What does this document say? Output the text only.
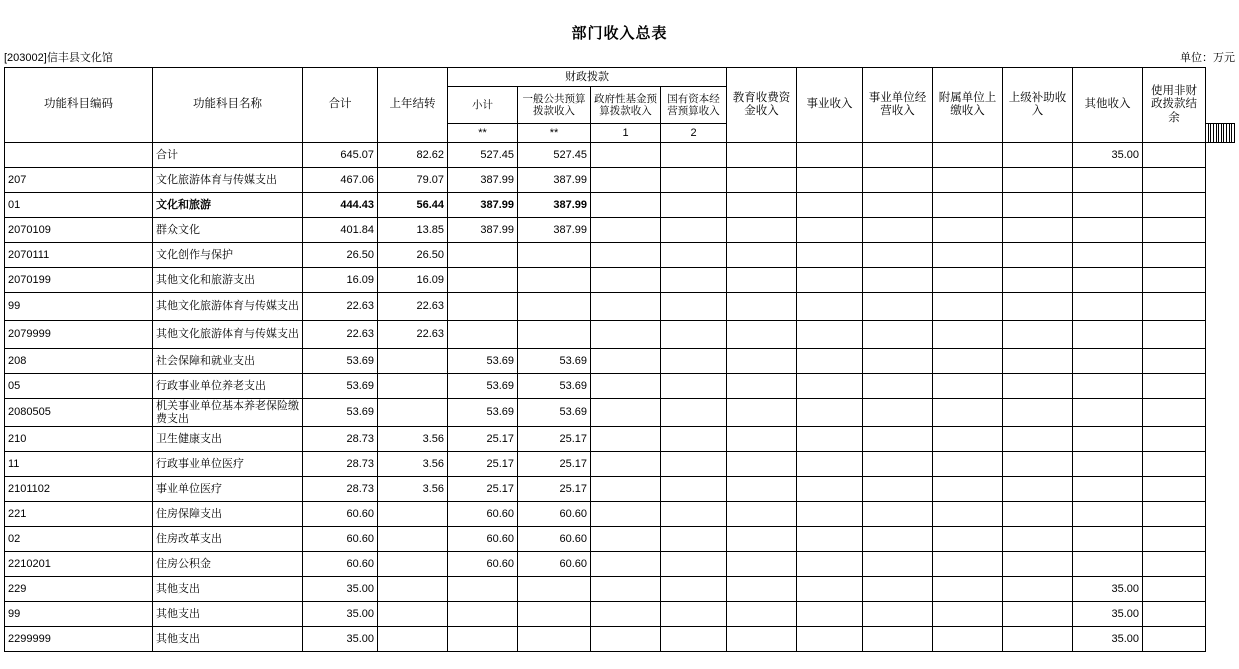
部门收入总表
[203002]信丰县文化馆	单位：万元
功能科目编码	功能科目名称	合计	上年结转	财政拨款				教育收费资金收入	事业收入	事业单位经营收入	附属单位上缴收入	上级补助收入	其他收入	使用非财政拨款结余											
				小计	一般公共预算拨款收入	政府性基金预算拨款收入	国有资本经营预算收入																		
				**	**	1	2											
	合计	645.07	82.62	527.45	527.45								35.00												
207	文化旅游体育与传媒支出	467.06	79.07	387.99	387.99																				
01	文化和旅游	444.43	56.44	387.99	387.99																				
2070109	群众文化	401.84	13.85	387.99	387.99																				
2070111	文化创作与保护	26.50	26.50																						
2070199	其他文化和旅游支出	16.09	16.09																						
99	其他文化旅游体育与传媒支出	22.63	22.63																						
2079999	其他文化旅游体育与传媒支出	22.63	22.63																						
208	社会保障和就业支出	53.69		53.69	53.69																				
05	行政事业单位养老支出	53.69		53.69	53.69																				
2080505	机关事业单位基本养老保险缴费支出	53.69		53.69	53.69																				
210	卫生健康支出	28.73	3.56	25.17	25.17																				
11	行政事业单位医疗	28.73	3.56	25.17	25.17																				
2101102	事业单位医疗	28.73	3.56	25.17	25.17																				
221	住房保障支出	60.60		60.60	60.60																				
02	住房改革支出	60.60		60.60	60.60																				
2210201	住房公积金	60.60		60.60	60.60																				
229	其他支出	35.00											35.00												
99	其他支出	35.00											35.00												
2299999	其他支出	35.00											35.00												
